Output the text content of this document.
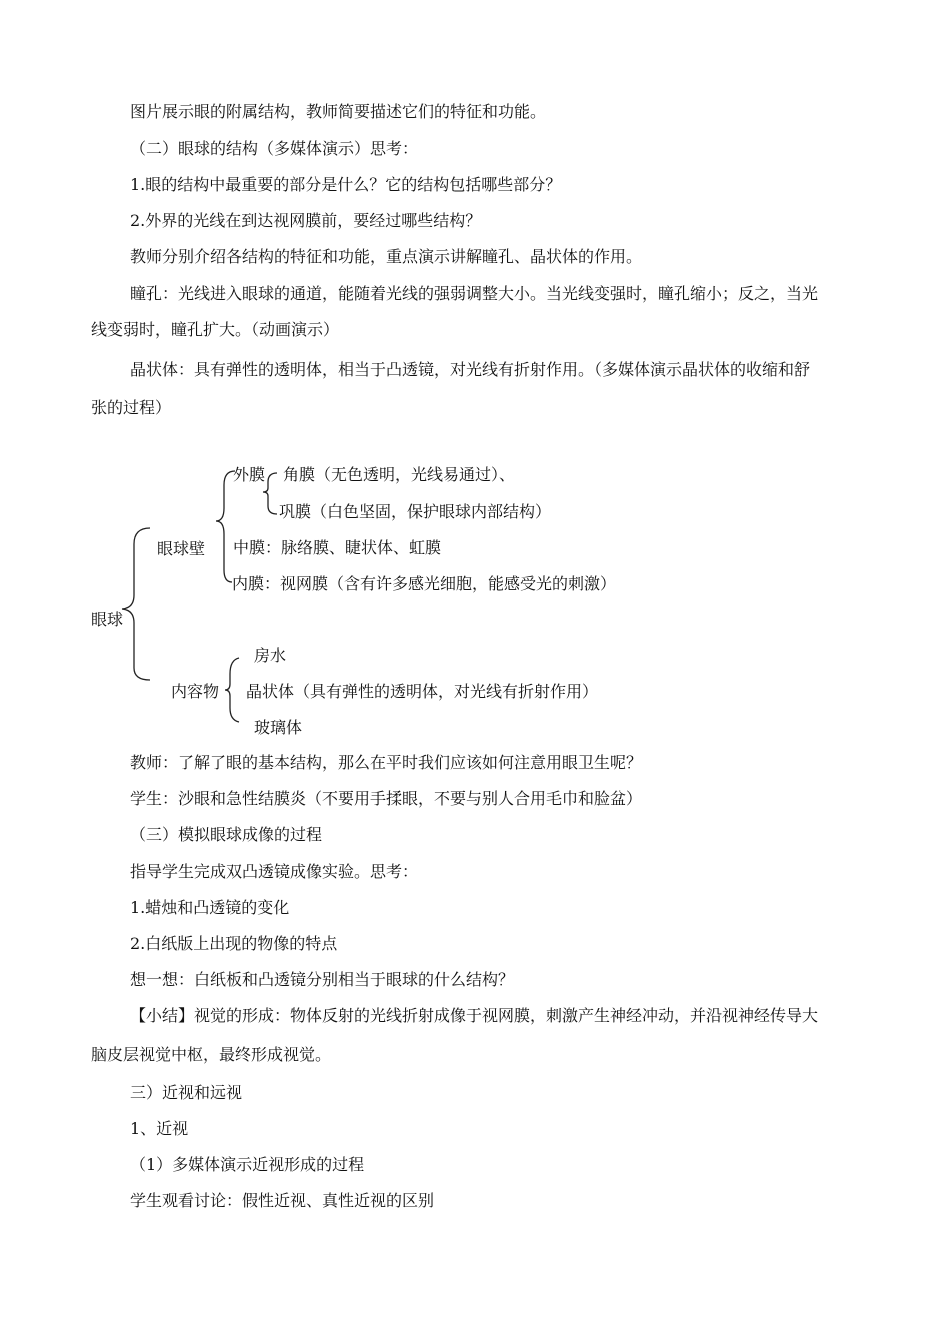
图片展示眼的附属结构，教师简要描述它们的特征和功能。
（二）眼球的结构（多媒体演示）思考：
1.眼的结构中最重要的部分是什么？它的结构包括哪些部分？
2.外界的光线在到达视网膜前，要经过哪些结构？
教师分别介绍各结构的特征和功能，重点演示讲解瞳孔、晶状体的作用。
瞳孔：光线进入眼球的通道，能随着光线的强弱调整大小。当光线变强时，瞳孔缩小；反之，当光
线变弱时，瞳孔扩大。（动画演示）
晶状体：具有弹性的透明体，相当于凸透镜，对光线有折射作用。（多媒体演示晶状体的收缩和舒
张的过程）
眼球
眼球壁
外膜 角膜（无色透明，光线易通过）、
巩膜（白色坚固，保护眼球内部结构）
中膜：脉络膜、睫状体、虹膜
内膜：视网膜（含有许多感光细胞，能感受光的刺激）
内容物
房水
晶状体（具有弹性的透明体，对光线有折射作用）
玻璃体
教师：了解了眼的基本结构，那么在平时我们应该如何注意用眼卫生呢？
学生：沙眼和急性结膜炎（不要用手揉眼，不要与别人合用毛巾和脸盆）
（三）模拟眼球成像的过程
指导学生完成双凸透镜成像实验。思考：
1.蜡烛和凸透镜的变化
2.白纸版上出现的物像的特点
想一想：白纸板和凸透镜分别相当于眼球的什么结构？
【小结】视觉的形成：物体反射的光线折射成像于视网膜，刺激产生神经冲动，并沿视神经传导大
脑皮层视觉中枢，最终形成视觉。
三）近视和远视
1、近视
（1）多媒体演示近视形成的过程
学生观看讨论：假性近视、真性近视的区别
